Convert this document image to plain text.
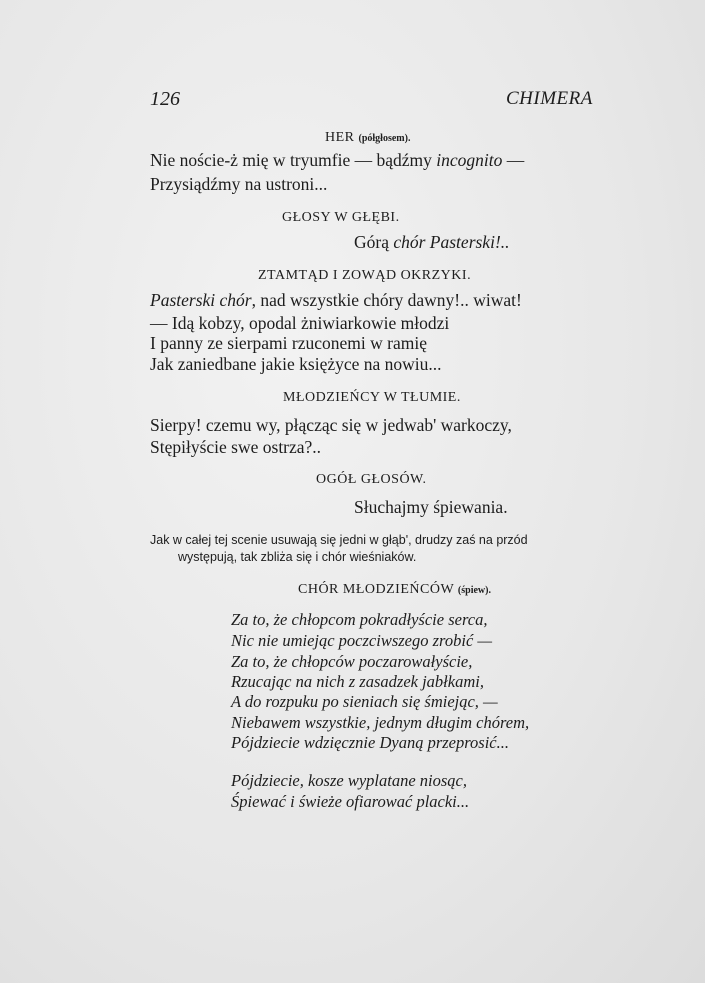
126	CHIMERA
HER (półgłosem).
Nie noście-ż mię w tryumfie — bądźmy incognito —
Przysiądźmy na ustroni...
GŁOSY W GŁĘBI.
Górą chór Pasterski!..
ZTAMTĄD I ZOWĄD OKRZYKI.
Pasterski chór, nad wszystkie chóry dawny!.. wiwat!
— Idą kobzy, opodal żniwiarkowie młodzi
I panny ze sierpami rzuconemi w ramię
Jak zaniedbane jakie księżyce na nowiu...
MŁODZIEŃCY W TŁUMIE.
Sierpy! czemu wy, płącząc się w jedwab' warkoczy,
Stępiłyście swe ostrza?..
OGÓŁ GŁOSÓW.
Słuchajmy śpiewania.
Jak w całej tej scenie usuwają się jedni w głąb', drudzy zaś na przód
występują, tak zbliża się i chór wieśniaków.
CHÓR MŁODZIEŃCÓW (śpiew).
Za to, że chłopcom pokradłyście serca,
Nic nie umiejąc poczciwszego zrobić —
Za to, że chłopców poczarowałyście,
Rzucając na nich z zasadzek jabłkami,
A do rozpuku po sieniach się śmiejąc, —
Niebawem wszystkie, jednym długim chórem,
Pójdziecie wdzięcznie Dyaną przeprosić...
Pójdziecie, kosze wyplatane niosąc,
Śpiewać i świeże ofiarować placki...
